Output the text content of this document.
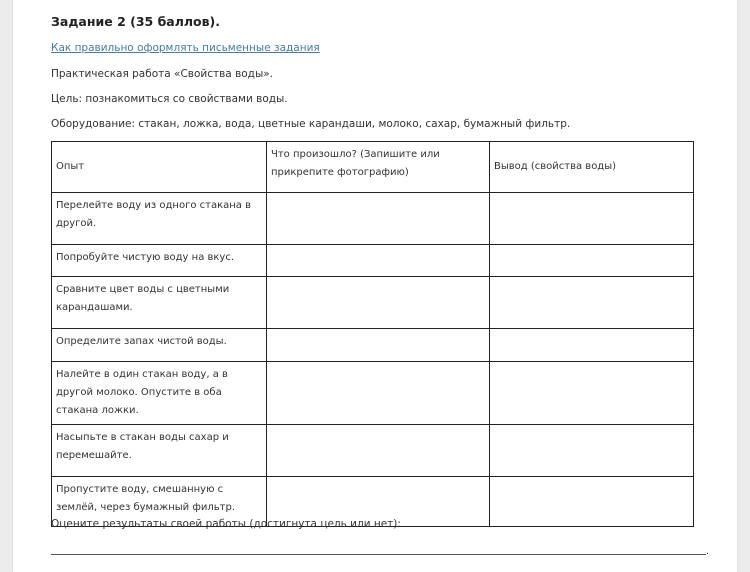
Задание 2 (35 баллов).
Как правильно оформлять письменные задания
Практическая работа «Свойства воды».
Цель: познакомиться со свойствами воды.
Оборудование: стакан, ложка, вода, цветные карандаши, молоко, сахар, бумажный фильтр.
Опыт	Что произошло? (Запишите или прикрепите фотографию)	Вывод (свойства воды)
Перелейте воду из одного стакана в другой.		
Попробуйте чистую воду на вкус.		
Сравните цвет воды с цветными карандашами.		
Определите запах чистой воды.		
Налейте в один стакан воду, а в другой молоко. Опустите в оба стакана ложки.		
Насыпьте в стакан воды сахар и перемешайте.		
Пропустите воду, смешанную с землёй, через бумажный фильтр.		
Оцените результаты своей работы (достигнута цель или нет):
.
